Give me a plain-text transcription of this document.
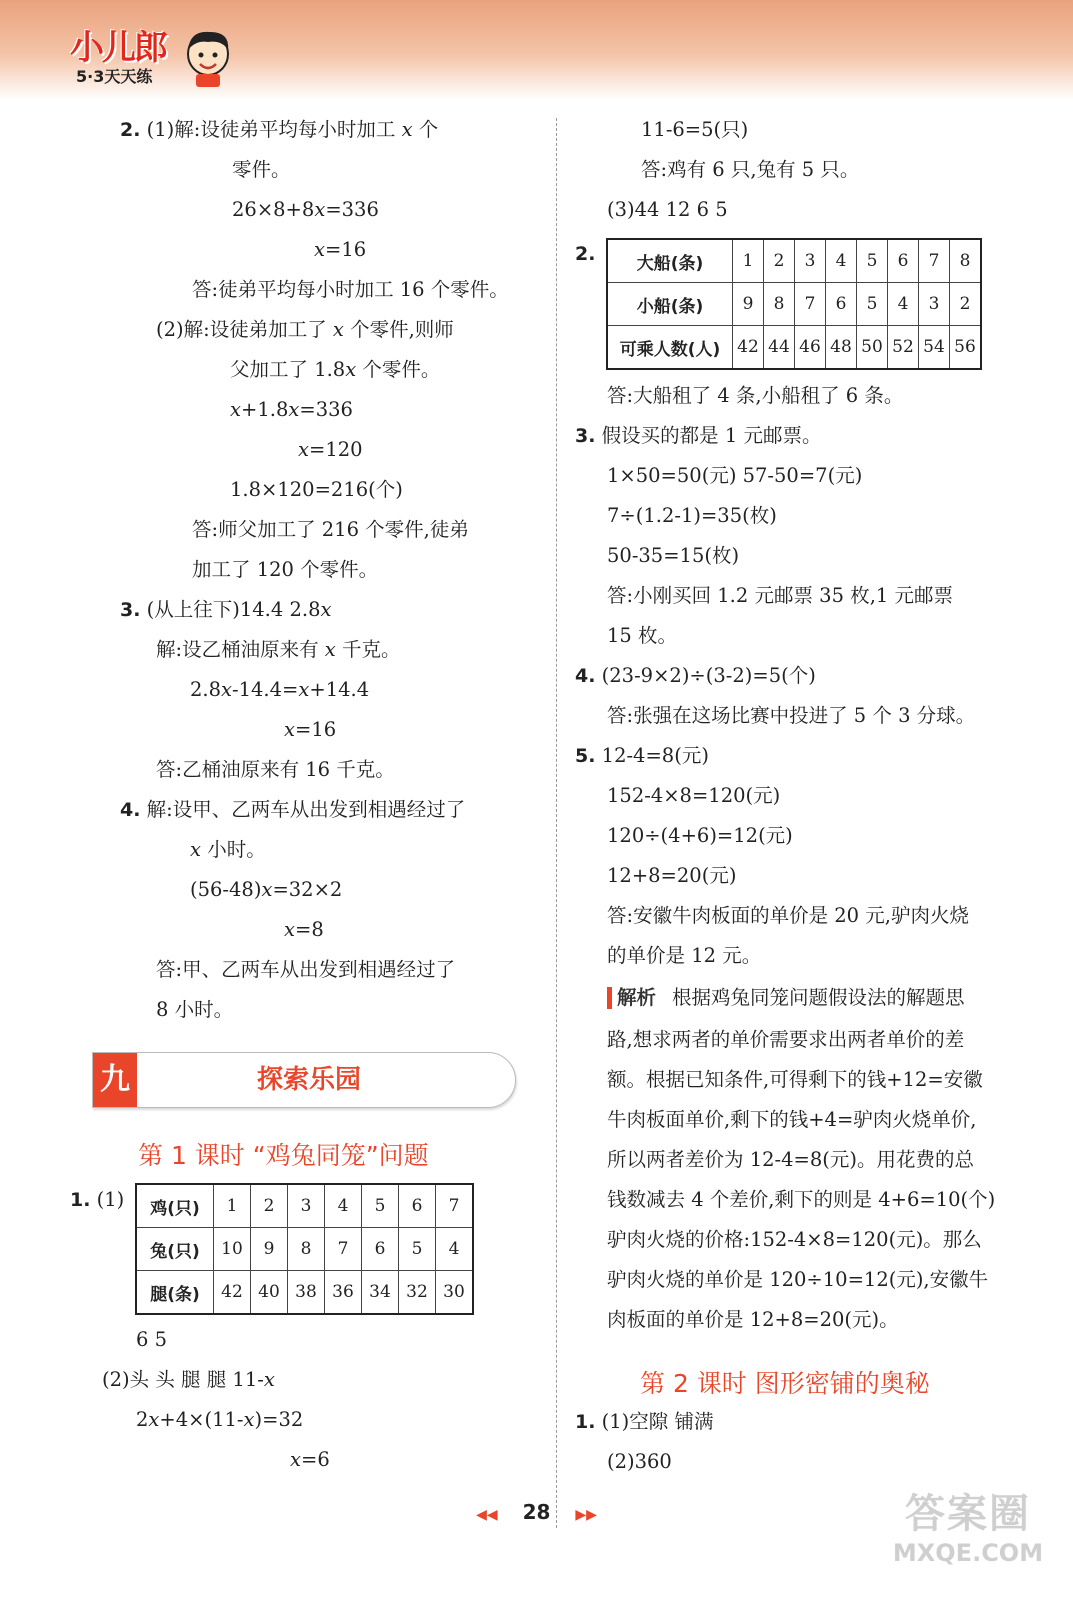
小儿郎
5·3天天练
2. (1)解:设徒弟平均每小时加工 x 个
零件。
26×8+8x=336
x=16
答:徒弟平均每小时加工 16 个零件。
(2)解:设徒弟加工了 x 个零件,则师
父加工了 1.8x 个零件。
x+1.8x=336
x=120
1.8×120=216(个)
答:师父加工了 216 个零件,徒弟
加工了 120 个零件。
3. (从上往下)14.4 2.8x
解:设乙桶油原来有 x 千克。
2.8x-14.4=x+14.4
x=16
答:乙桶油原来有 16 千克。
4. 解:设甲、乙两车从出发到相遇经过了
x 小时。
(56-48)x=32×2
x=8
答:甲、乙两车从出发到相遇经过了
8 小时。
探索乐园
九
第 1 课时 “鸡兔同笼”问题
1. (1)	鸡(只)	1	2	3	4	5	6	7
兔(只)	10	9	8	7	6	5	4
腿(条)	42	40	38	36	34	32	30
6 5
(2)头 头 腿 腿 11-x
2x+4×(11-x)=32
x=6
11-6=5(只)
答:鸡有 6 只,兔有 5 只。
(3)44 12 6 5
2.
答:大船租了 4 条,小船租了 6 条。
3. 假设买的都是 1 元邮票。
1×50=50(元) 57-50=7(元)
7÷(1.2-1)=35(枚)
50-35=15(枚)
答:小刚买回 1.2 元邮票 35 枚,1 元邮票
15 枚。
4. (23-9×2)÷(3-2)=5(个)
答:张强在这场比赛中投进了 5 个 3 分球。
5. 12-4=8(元)
152-4×8=120(元)
120÷(4+6)=12(元)
12+8=20(元)
答:安徽牛肉板面的单价是 20 元,驴肉火烧
的单价是 12 元。
解析 根据鸡兔同笼问题假设法的解题思
路,想求两者的单价需要求出两者单价的差
额。根据已知条件,可得剩下的钱+12=安徽
牛肉板面单价,剩下的钱+4=驴肉火烧单价,
所以两者差价为 12-4=8(元)。用花费的总
钱数减去 4 个差价,剩下的则是 4+6=10(个)
驴肉火烧的价格:152-4×8=120(元)。那么
驴肉火烧的单价是 120÷10=12(元),安徽牛
肉板面的单价是 12+8=20(元)。
1. (1)空隙 铺满
(2)360
大船(条)	1	2	3	4	5	6	7	8
小船(条)	9	8	7	6	5	4	3	2
可乘人数(人)	42	44	46	48	50	52	54	56
第 2 课时 图形密铺的奥秘
◀◀ 28 ▶▶	答案圈
MXQE.COM
